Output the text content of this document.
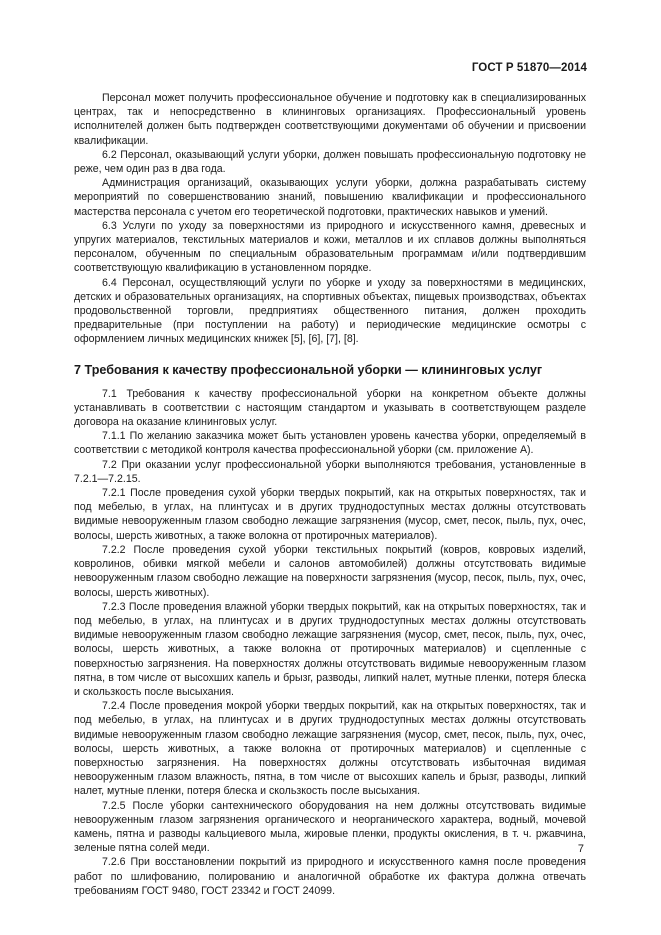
ГОСТ Р 51870—2014

Персонал может получить профессиональное обучение и подготовку как в специализированных центрах, так и непосредственно в клининговых организациях. Профессиональный уровень исполнителей должен быть подтвержден соответствующими документами об обучении и присвоении квалификации.

6.2 Персонал, оказывающий услуги уборки, должен повышать профессиональную подготовку не реже, чем один раз в два года.

Администрация организаций, оказывающих услуги уборки, должна разрабатывать систему мероприятий по совершенствованию знаний, повышению квалификации и профессионального мастерства персонала с учетом его теоретической подготовки, практических навыков и умений.

6.3 Услуги по уходу за поверхностями из природного и искусственного камня, древесных и упругих материалов, текстильных материалов и кожи, металлов и их сплавов должны выполняться персоналом, обученным по специальным образовательным программам и/или подтвердившим соответствующую квалификацию в установленном порядке.

6.4 Персонал, осуществляющий услуги по уборке и уходу за поверхностями в медицинских, детских и образовательных организациях, на спортивных объектах, пищевых производствах, объектах продовольственной торговли, предприятиях общественного питания, должен проходить предварительные (при поступлении на работу) и периодические медицинские осмотры с оформлением личных медицинских книжек [5], [6], [7], [8].

7 Требования к качеству профессиональной уборки — клининговых услуг

7.1 Требования к качеству профессиональной уборки на конкретном объекте должны устанавливать в соответствии с настоящим стандартом и указывать в соответствующем разделе договора на оказание клининговых услуг.

7.1.1 По желанию заказчика может быть установлен уровень качества уборки, определяемый в соответствии с методикой контроля качества профессиональной уборки (см. приложение А).

7.2 При оказании услуг профессиональной уборки выполняются требования, установленные в 7.2.1—7.2.15.

7.2.1 После проведения сухой уборки твердых покрытий, как на открытых поверхностях, так и под мебелью, в углах, на плинтусах и в других труднодоступных местах должны отсутствовать видимые невооруженным глазом свободно лежащие загрязнения (мусор, смет, песок, пыль, пух, очес, волосы, шерсть животных, а также волокна от протирочных материалов).

7.2.2 После проведения сухой уборки текстильных покрытий (ковров, ковровых изделий, ковролинов, обивки мягкой мебели и салонов автомобилей) должны отсутствовать видимые невооруженным глазом свободно лежащие на поверхности загрязнения (мусор, песок, пыль, пух, очес, волосы, шерсть животных).

7.2.3 После проведения влажной уборки твердых покрытий, как на открытых поверхностях, так и под мебелью, в углах, на плинтусах и в других труднодоступных местах должны отсутствовать видимые невооруженным глазом свободно лежащие загрязнения (мусор, смет, песок, пыль, пух, очес, волосы, шерсть животных, а также волокна от протирочных материалов) и сцепленные с поверхностью загрязнения. На поверхностях должны отсутствовать видимые невооруженным глазом пятна, в том числе от высохших капель и брызг, разводы, липкий налет, мутные пленки, потеря блеска и скользкость после высыхания.

7.2.4 После проведения мокрой уборки твердых покрытий, как на открытых поверхностях, так и под мебелью, в углах, на плинтусах и в других труднодоступных местах должны отсутствовать видимые невооруженным глазом свободно лежащие загрязнения (мусор, смет, песок, пыль, пух, очес, волосы, шерсть животных, а также волокна от протирочных материалов) и сцепленные с поверхностью загрязнения. На поверхностях должны отсутствовать избыточная видимая невооруженным глазом влажность, пятна, в том числе от высохших капель и брызг, разводы, липкий налет, мутные пленки, потеря блеска и скользкость после высыхания.

7.2.5 После уборки сантехнического оборудования на нем должны отсутствовать видимые невооруженным глазом загрязнения органического и неорганического характера, водный, мочевой камень, пятна и разводы кальциевого мыла, жировые пленки, продукты окисления, в т. ч. ржавчина, зеленые пятна солей меди.

7.2.6 При восстановлении покрытий из природного и искусственного камня после проведения работ по шлифованию, полированию и аналогичной обработке их фактура должна отвечать требованиям ГОСТ 9480, ГОСТ 23342 и ГОСТ 24099.

7
